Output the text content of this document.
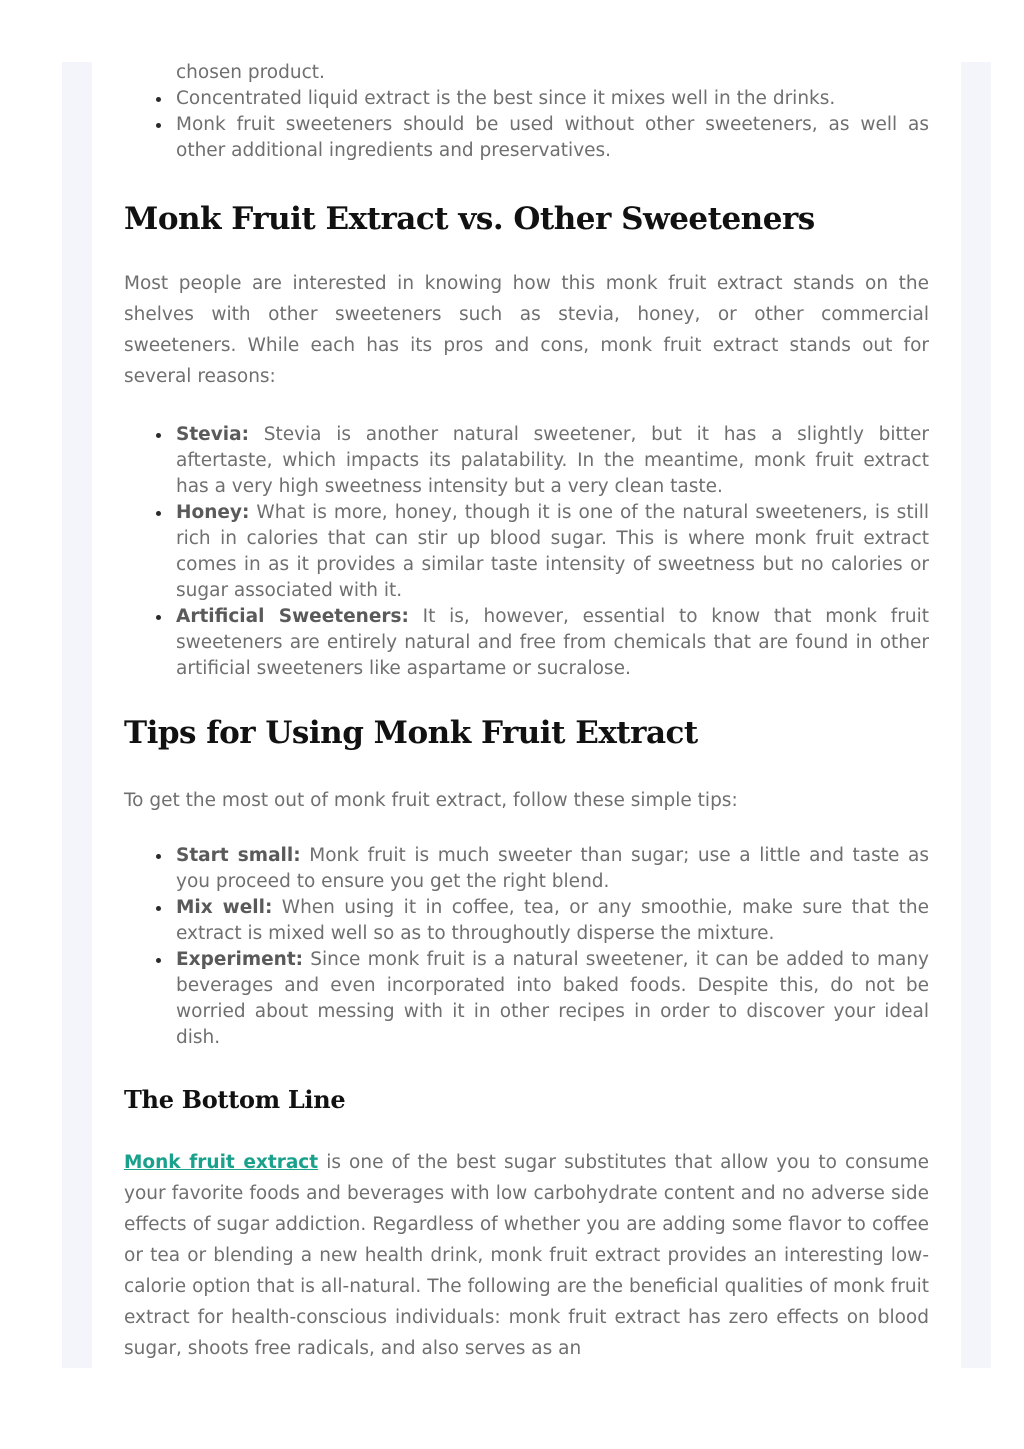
chosen product.
Concentrated liquid extract is the best since it mixes well in the drinks.
Monk fruit sweeteners should be used without other sweeteners, as well as other additional ingredients and preservatives.
Monk Fruit Extract vs. Other Sweeteners

Most people are interested in knowing how this monk fruit extract stands on the shelves with other sweeteners such as stevia, honey, or other commercial sweeteners. While each has its pros and cons, monk fruit extract stands out for several reasons:

Stevia: Stevia is another natural sweetener, but it has a slightly bitter aftertaste, which impacts its palatability. In the meantime, monk fruit extract has a very high sweetness intensity but a very clean taste.
Honey: What is more, honey, though it is one of the natural sweeteners, is still rich in calories that can stir up blood sugar. This is where monk fruit extract comes in as it provides a similar taste intensity of sweetness but no calories or sugar associated with it.
Artificial Sweeteners: It is, however, essential to know that monk fruit sweeteners are entirely natural and free from chemicals that are found in other artificial sweeteners like aspartame or sucralose.
Tips for Using Monk Fruit Extract

To get the most out of monk fruit extract, follow these simple tips:

Start small: Monk fruit is much sweeter than sugar; use a little and taste as you proceed to ensure you get the right blend.
Mix well: When using it in coffee, tea, or any smoothie, make sure that the extract is mixed well so as to throughoutly disperse the mixture.
Experiment: Since monk fruit is a natural sweetener, it can be added to many beverages and even incorporated into baked foods. Despite this, do not be worried about messing with it in other recipes in order to discover your ideal dish.
The Bottom Line

Monk fruit extract is one of the best sugar substitutes that allow you to consume your favorite foods and beverages with low carbohydrate content and no adverse side effects of sugar addiction. Regardless of whether you are adding some flavor to coffee or tea or blending a new health drink, monk fruit extract provides an interesting low-calorie option that is all-natural. The following are the beneficial qualities of monk fruit extract for health-conscious individuals: monk fruit extract has zero effects on blood sugar, shoots free radicals, and also serves as an
